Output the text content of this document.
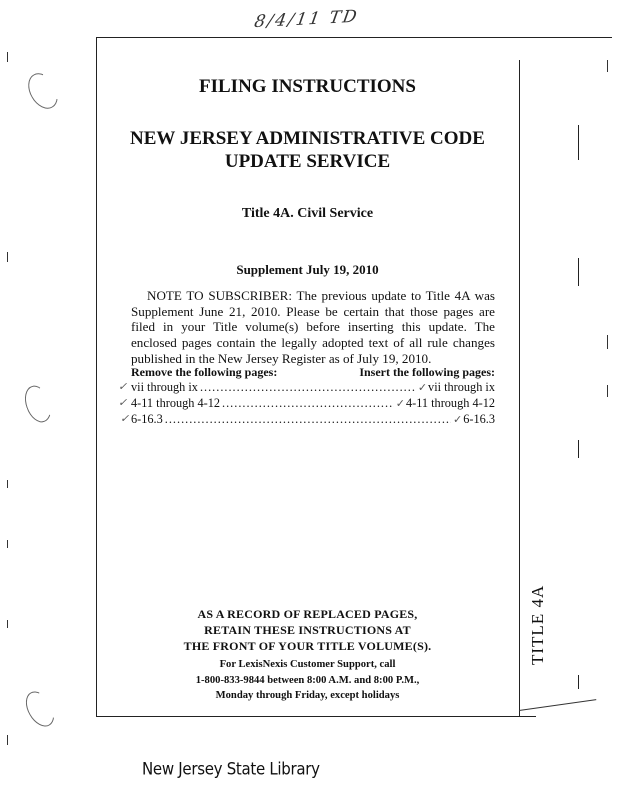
8/4/11 TD
FILING INSTRUCTIONS
NEW JERSEY ADMINISTRATIVE CODE
UPDATE SERVICE
Title 4A. Civil Service
Supplement July 19, 2010
NOTE TO SUBSCRIBER: The previous update to Title 4A was Supplement June 21, 2010. Please be certain that those pages are filed in your Title volume(s) before inserting this update. The enclosed pages contain the legally adopted text of all rule changes published in the New Jersey Register as of July 19, 2010.
Remove the following pages:	Insert the following pages:
✓ vii through ix .....	✓ vii through ix
✓ 4-11 through 4-12 .....	✓ 4-11 through 4-12
✓ 6-16.3 .....	✓ 6-16.3
AS A RECORD OF REPLACED PAGES,
RETAIN THESE INSTRUCTIONS AT
THE FRONT OF YOUR TITLE VOLUME(S).
For LexisNexis Customer Support, call
1-800-833-9844 between 8:00 A.M. and 8:00 P.M.,
Monday through Friday, except holidays
TITLE 4A
New Jersey State Library
